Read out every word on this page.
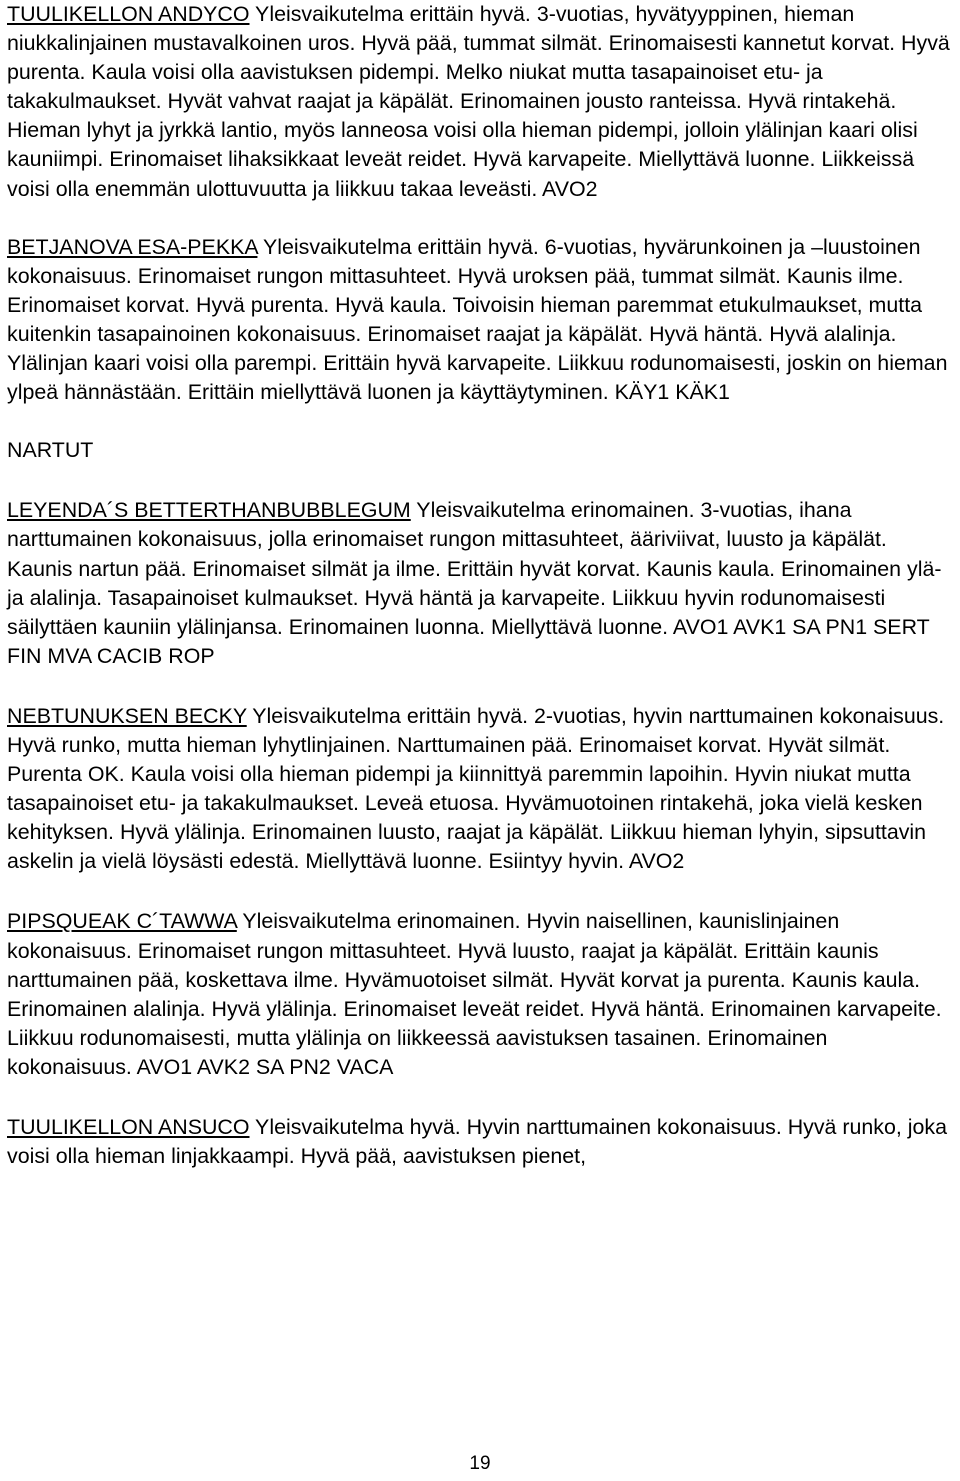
TUULIKELLON ANDYCO Yleisvaikutelma erittäin hyvä. 3-vuotias, hyvätyyppinen, hieman niukkalinjainen mustavalkoinen uros. Hyvä pää, tummat silmät. Erinomaisesti kannetut korvat. Hyvä purenta. Kaula voisi olla aavistuksen pidempi. Melko niukat mutta tasapainoiset etu- ja takakulmaukset. Hyvät vahvat raajat ja käpälät. Erinomainen jousto ranteissa. Hyvä rintakehä. Hieman lyhyt ja jyrkkä lantio, myös lanneosa voisi olla hieman pidempi, jolloin ylälinjan kaari olisi kauniimpi. Erinomaiset lihaksikkaat leveät reidet. Hyvä karvapeite. Miellyttävä luonne. Liikkeissä voisi olla enemmän ulottuvuutta ja liikkuu takaa leveästi. AVO2

BETJANOVA ESA-PEKKA Yleisvaikutelma erittäin hyvä. 6-vuotias, hyvärunkoinen ja –luustoinen kokonaisuus. Erinomaiset rungon mittasuhteet. Hyvä uroksen pää, tummat silmät. Kaunis ilme. Erinomaiset korvat. Hyvä purenta. Hyvä kaula. Toivoisin hieman paremmat etukulmaukset, mutta kuitenkin tasapainoinen kokonaisuus. Erinomaiset raajat ja käpälät. Hyvä häntä. Hyvä alalinja. Ylälinjan kaari voisi olla parempi. Erittäin hyvä karvapeite. Liikkuu rodunomaisesti, joskin on hieman ylpeä hännästään. Erittäin miellyttävä luonen ja käyttäytyminen. KÄY1 KÄK1

NARTUT

LEYENDA´S BETTERTHANBUBBLEGUM Yleisvaikutelma erinomainen. 3-vuotias, ihana narttumainen kokonaisuus, jolla erinomaiset rungon mittasuhteet, ääriviivat, luusto ja käpälät. Kaunis nartun pää. Erinomaiset silmät ja ilme. Erittäin hyvät korvat. Kaunis kaula. Erinomainen ylä- ja alalinja. Tasapainoiset kulmaukset. Hyvä häntä ja karvapeite. Liikkuu hyvin rodunomaisesti säilyttäen kauniin ylälinjansa. Erinomainen luonna. Miellyttävä luonne. AVO1 AVK1 SA PN1 SERT FIN MVA CACIB ROP

NEBTUNUKSEN BECKY Yleisvaikutelma erittäin hyvä. 2-vuotias, hyvin narttumainen kokonaisuus. Hyvä runko, mutta hieman lyhytlinjainen. Narttumainen pää. Erinomaiset korvat. Hyvät silmät. Purenta OK. Kaula voisi olla hieman pidempi ja kiinnittyä paremmin lapoihin. Hyvin niukat mutta tasapainoiset etu- ja takakulmaukset. Leveä etuosa. Hyvämuotoinen rintakehä, joka vielä kesken kehityksen. Hyvä ylälinja. Erinomainen luusto, raajat ja käpälät. Liikkuu hieman lyhyin, sipsuttavin askelin ja vielä löysästi edestä. Miellyttävä luonne. Esiintyy hyvin. AVO2

PIPSQUEAK C´TAWWA Yleisvaikutelma erinomainen. Hyvin naisellinen, kaunislinjainen kokonaisuus. Erinomaiset rungon mittasuhteet. Hyvä luusto, raajat ja käpälät. Erittäin kaunis narttumainen pää, koskettava ilme. Hyvämuotoiset silmät. Hyvät korvat ja purenta. Kaunis kaula. Erinomainen alalinja. Hyvä ylälinja. Erinomaiset leveät reidet. Hyvä häntä. Erinomainen karvapeite. Liikkuu rodunomaisesti, mutta ylälinja on liikkeessä aavistuksen tasainen. Erinomainen kokonaisuus. AVO1 AVK2 SA PN2 VACA

TUULIKELLON ANSUCO Yleisvaikutelma hyvä. Hyvin narttumainen kokonaisuus. Hyvä runko, joka voisi olla hieman linjakkaampi. Hyvä pää, aavistuksen pienet,

19
